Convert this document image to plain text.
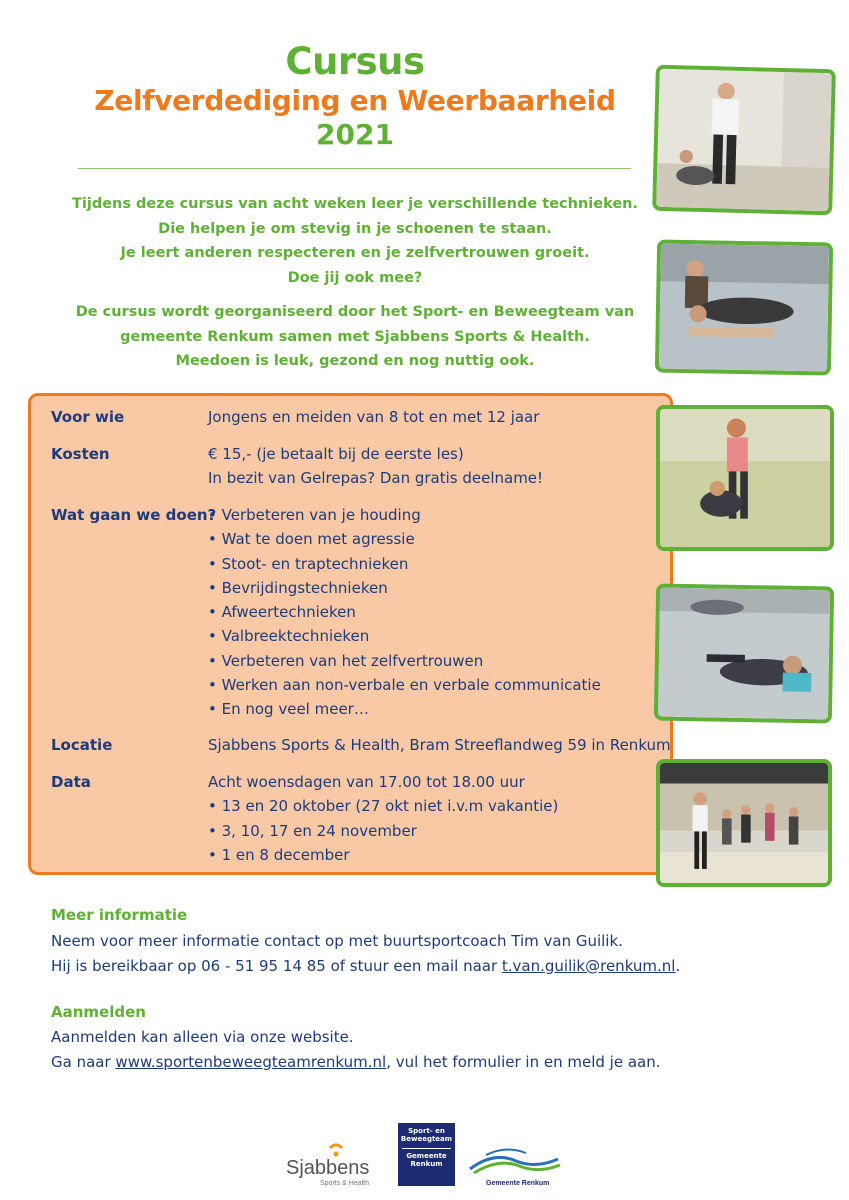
Cursus
Zelfverdediging en Weerbaarheid
2021
Tijdens deze cursus van acht weken leer je verschillende technieken.
Die helpen je om stevig in je schoenen te staan.
Je leert anderen respecteren en je zelfvertrouwen groeit.
Doe jij ook mee?
De cursus wordt georganiseerd door het Sport- en Beweegteam van
gemeente Renkum samen met Sjabbens Sports & Health.
Meedoen is leuk, gezond en nog nuttig ook.
Voor wie	Jongens en meiden van 8 tot en met 12 jaar
Kosten	€ 15,- (je betaalt bij de eerste les)
In bezit van Gelrepas? Dan gratis deelname!
Wat gaan we doen?
• Verbeteren van je houding
• Wat te doen met agressie
• Stoot- en traptechnieken
• Bevrijdingstechnieken
• Afweertechnieken
• Valbreektechnieken
• Verbeteren van het zelfvertrouwen
• Werken aan non-verbale en verbale communicatie
• En nog veel meer…
Locatie	Sjabbens Sports & Health, Bram Streeflandweg 59 in Renkum
Data	Acht woensdagen van 17.00 tot 18.00 uur
• 13 en 20 oktober (27 okt niet i.v.m vakantie)
• 3, 10, 17 en 24 november
• 1 en 8 december
Meer informatie
Neem voor meer informatie contact op met buurtsportcoach Tim van Guilik.
Hij is bereikbaar op 06 - 51 95 14 85 of stuur een mail naar t.van.guilik@renkum.nl.
Aanmelden
Aanmelden kan alleen via onze website.
Ga naar www.sportenbeweegteamrenkum.nl, vul het formulier in en meld je aan.
Sjabbens
Sports & Health
Sport- en
Beweegteam
Gemeente
Renkum
Gemeente Renkum
